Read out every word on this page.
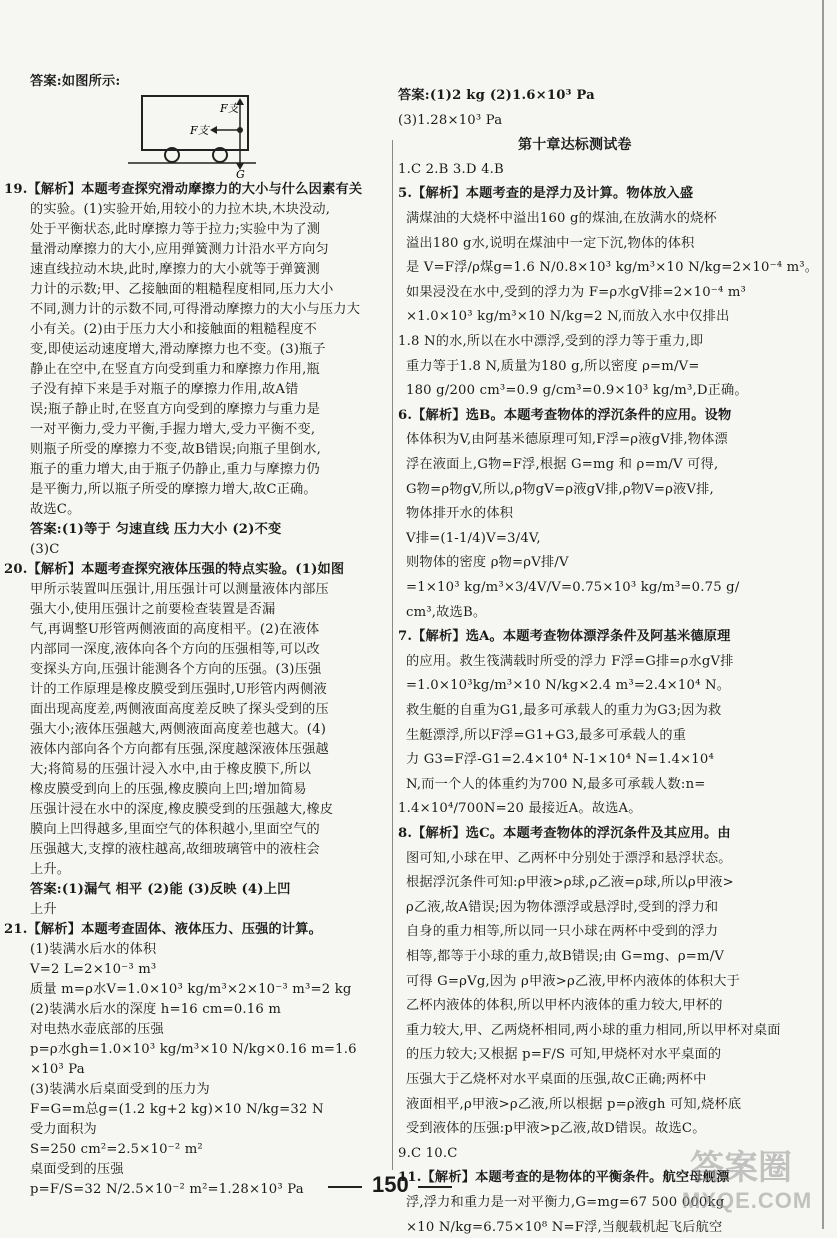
答案:如图所示:
19.【解析】本题考查探究滑动摩擦力的大小与什么因素有关
的实验。(1)实验开始,用较小的力拉木块,木块没动,
处于平衡状态,此时摩擦力等于拉力;实验中为了测
量滑动摩擦力的大小,应用弹簧测力计沿水平方向匀
速直线拉动木块,此时,摩擦力的大小就等于弹簧测
力计的示数;甲、乙接触面的粗糙程度相同,压力大小
不同,测力计的示数不同,可得滑动摩擦力的大小与压力大
小有关。(2)由于压力大小和接触面的粗糙程度不
变,即使运动速度增大,滑动摩擦力也不变。(3)瓶子
静止在空中,在竖直方向受到重力和摩擦力作用,瓶
子没有掉下来是手对瓶子的摩擦力作用,故A错
误;瓶子静止时,在竖直方向受到的摩擦力与重力是
一对平衡力,受力平衡,手握力增大,受力平衡不变,
则瓶子所受的摩擦力不变,故B错误;向瓶子里倒水,
瓶子的重力增大,由于瓶子仍静止,重力与摩擦力仍
是平衡力,所以瓶子所受的摩擦力增大,故C正确。
故选C。
答案:(1)等于 匀速直线 压力大小 (2)不变
(3)C
20.【解析】本题考查探究液体压强的特点实验。(1)如图
甲所示装置叫压强计,用压强计可以测量液体内部压
强大小,使用压强计之前要检查装置是否漏
气,再调整U形管两侧液面的高度相平。(2)在液体
内部同一深度,液体向各个方向的压强相等,可以改
变探头方向,压强计能测各个方向的压强。(3)压强
计的工作原理是橡皮膜受到压强时,U形管内两侧液
面出现高度差,两侧液面高度差反映了探头受到的压
强大小;液体压强越大,两侧液面高度差也越大。(4)
液体内部向各个方向都有压强,深度越深液体压强越
大;将简易的压强计浸入水中,由于橡皮膜下,所以
橡皮膜受到向上的压强,橡皮膜向上凹;增加简易
压强计浸在水中的深度,橡皮膜受到的压强越大,橡皮
膜向上凹得越多,里面空气的体积越小,里面空气的
压强越大,支撑的液柱越高,故细玻璃管中的液柱会
上升。
答案:(1)漏气 相平 (2)能 (3)反映 (4)上凹
上升
21.【解析】本题考查固体、液体压力、压强的计算。
(1)装满水后水的体积
V=2 L=2×10⁻³ m³
质量 m=ρ水V=1.0×10³ kg/m³×2×10⁻³ m³=2 kg
(2)装满水后水的深度 h=16 cm=0.16 m
对电热水壶底部的压强
p=ρ水gh=1.0×10³ kg/m³×10 N/kg×0.16 m=1.6
×10³ Pa
(3)装满水后桌面受到的压力为
F=G=m总g=(1.2 kg+2 kg)×10 N/kg=32 N
受力面积为
S=250 cm²=2.5×10⁻² m²
桌面受到的压强
p=F/S=32 N/2.5×10⁻² m²=1.28×10³ Pa
F支
F支
G
答案:(1)2 kg (2)1.6×10³ Pa
(3)1.28×10³ Pa
第十章达标测试卷
1.C 2.B 3.D 4.B
5.【解析】本题考查的是浮力及计算。物体放入盛
满煤油的大烧杯中溢出160 g的煤油,在放满水的烧杯
溢出180 g水,说明在煤油中一定下沉,物体的体积
是 V=F浮/ρ煤g=1.6 N/0.8×10³ kg/m³×10 N/kg=2×10⁻⁴ m³。
如果浸没在水中,受到的浮力为 F=ρ水gV排=2×10⁻⁴ m³
×1.0×10³ kg/m³×10 N/kg=2 N,而放入水中仅排出
1.8 N的水,所以在水中漂浮,受到的浮力等于重力,即
重力等于1.8 N,质量为180 g,所以密度 ρ=m/V=
180 g/200 cm³=0.9 g/cm³=0.9×10³ kg/m³,D正确。
6.【解析】选B。本题考查物体的浮沉条件的应用。设物
体体积为V,由阿基米德原理可知,F浮=ρ液gV排,物体漂
浮在液面上,G物=F浮,根据 G=mg 和 ρ=m/V 可得,
G物=ρ物gV,所以,ρ物gV=ρ液gV排,ρ物V=ρ液V排,
物体排开水的体积
V排=(1-1/4)V=3/4V,
则物体的密度 ρ物=ρV排/V
=1×10³ kg/m³×3/4V/V=0.75×10³ kg/m³=0.75 g/
cm³,故选B。
7.【解析】选A。本题考查物体漂浮条件及阿基米德原理
的应用。救生筏满载时所受的浮力 F浮=G排=ρ水gV排
=1.0×10³kg/m³×10 N/kg×2.4 m³=2.4×10⁴ N。
救生艇的自重为G1,最多可承载人的重力为G3;因为救
生艇漂浮,所以F浮=G1+G3,最多可承载人的重
力 G3=F浮-G1=2.4×10⁴ N-1×10⁴ N=1.4×10⁴
N,而一个人的体重约为700 N,最多可承载人数:n=
1.4×10⁴/700N=20 最接近A。故选A。
8.【解析】选C。本题考查物体的浮沉条件及其应用。由
图可知,小球在甲、乙两杯中分别处于漂浮和悬浮状态。
根据浮沉条件可知:ρ甲液>ρ球,ρ乙液=ρ球,所以ρ甲液>
ρ乙液,故A错误;因为物体漂浮或悬浮时,受到的浮力和
自身的重力相等,所以同一只小球在两杯中受到的浮力
相等,都等于小球的重力,故B错误;由 G=mg、ρ=m/V
可得 G=ρVg,因为 ρ甲液>ρ乙液,甲杯内液体的体积大于
乙杯内液体的体积,所以甲杯内液体的重力较大,甲杯的
重力较大,甲、乙两烧杯相同,两小球的重力相同,所以甲杯对桌面
的压力较大;又根据 p=F/S 可知,甲烧杯对水平桌面的
压强大于乙烧杯对水平桌面的压强,故C正确;两杯中
液面相平,ρ甲液>ρ乙液,所以根据 p=ρ液gh 可知,烧杯底
受到液体的压强:p甲液>p乙液,故D错误。故选C。
9.C 10.C
11.【解析】本题考查的是物体的平衡条件。航空母舰漂
浮,浮力和重力是一对平衡力,G=mg=67 500 000kg
×10 N/kg=6.75×10⁸ N=F浮,当舰载机起飞后航空
150	答案圈
MXQE.COM
